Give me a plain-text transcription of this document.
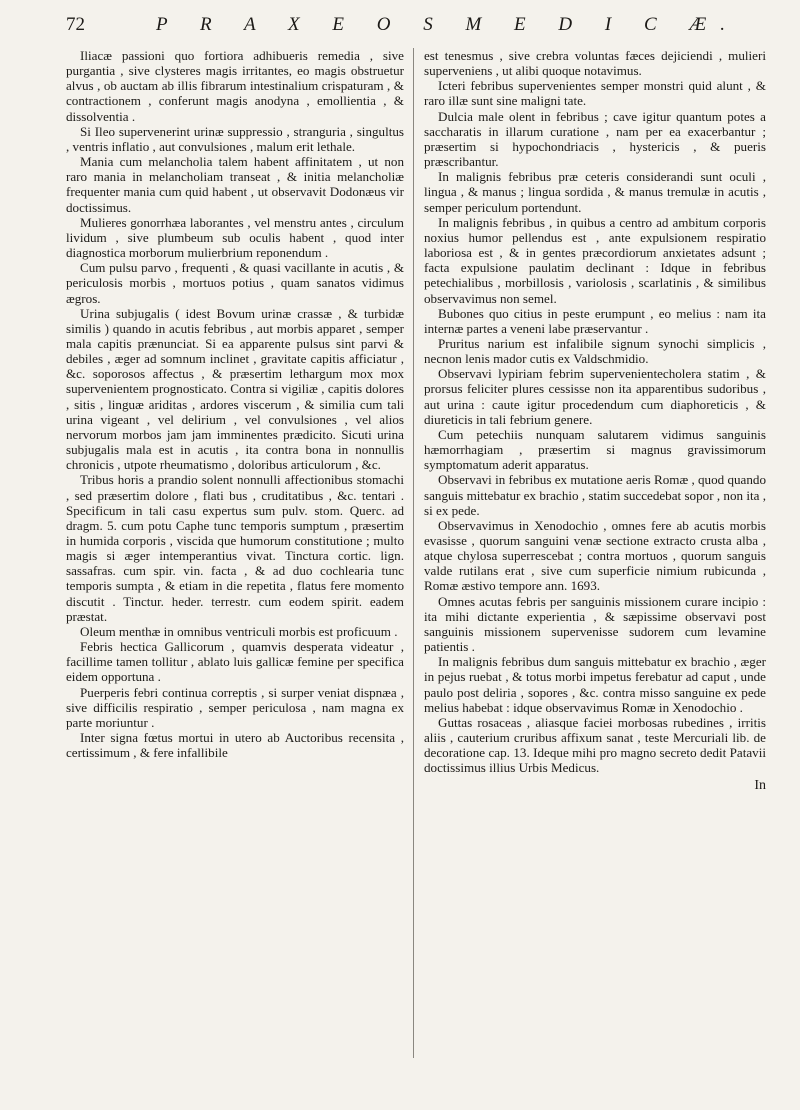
72	P R A X E O S M E D I C Æ.

Iliacæ passioni quo fortiora adhibueris remedia , sive purgantia , sive clysteres magis irritantes, eo magis obstruetur alvus , ob auctam ab illis fibrarum intestinalium crispaturam , & contractionem , conferunt magis anodyna , emollientia , & dissolventia .

Si Ileo supervenerint urinæ suppressio , stranguria , singultus , ventris inflatio , aut convulsiones , malum erit lethale.

Mania cum melancholia talem habent affinitatem , ut non raro mania in melancholiam transeat , & initia melancholiæ frequenter mania cum quid habent , ut observavit Dodonæus vir doctissimus.

Mulieres gonorrhæa laborantes , vel menstru antes , circulum lividum , sive plumbeum sub oculis habent , quod inter diagnostica morborum mulierbrium reponendum .

Cum pulsu parvo , frequenti , & quasi vacillante in acutis , & periculosis morbis , mortuos potius , quam sanatos vidimus ægros.

Urina subjugalis ( idest Bovum urinæ crassæ , & turbidæ similis ) quando in acutis febribus , aut morbis apparet , semper mala capitis prænunciat. Si ea apparente pulsus sint parvi & debiles , æger ad somnum inclinet , gravitate capitis afficiatur , &c. soporosos affectus , & præsertim lethargum mox mox supervenientem prognosticato. Contra si vigiliæ , capitis dolores , sitis , linguæ ariditas , ardores viscerum , & similia cum tali urina vigeant , vel delirium , vel convulsiones , vel alios nervorum morbos jam jam imminentes prædicito. Sicuti urina subjugalis mala est in acutis , ita contra bona in nonnullis chronicis , utpote rheumatismo , doloribus articulorum , &c.

Tribus horis a prandio solent nonnulli affectionibus stomachi , sed præsertim dolore , flati bus , cruditatibus , &c. tentari . Specificum in tali casu expertus sum pulv. stom. Querc. ad dragm. 5. cum potu Caphe tunc temporis sumptum , præsertim in humida corporis , viscida que humorum constitutione ; multo magis si æger intemperantius vivat. Tinctura cortic. lign. sassafras. cum spir. vin. facta , & ad duo cochlearia tunc temporis sumpta , & etiam in die repetita , flatus fere momento discutit . Tinctur. heder. terrestr. cum eodem spirit. eadem præstat.

Oleum menthæ in omnibus ventriculi morbis est proficuum .

Febris hectica Gallicorum , quamvis desperata videatur , facillime tamen tollitur , ablato luis gallicæ femine per specifica eidem opportuna .

Puerperis febri continua correptis , si surper veniat dispnæa , sive difficilis respiratio , semper periculosa , nam magna ex parte moriuntur .

Inter signa fœtus mortui in utero ab Auctoribus recensita , certissimum , & fere infallibile

est tenesmus , sive crebra voluntas fæces dejiciendi , mulieri superveniens , ut alibi quoque notavimus.

Icteri febribus supervenientes semper monstri quid alunt , & raro illæ sunt sine maligni tate.

Dulcia male olent in febribus ; cave igitur quantum potes a saccharatis in illarum curatione , nam per ea exacerbantur ; præsertim si hypochondriacis , hystericis , & pueris præscribantur.

In malignis febribus præ ceteris considerandi sunt oculi , lingua , & manus ; lingua sordida , & manus tremulæ in acutis , semper periculum portendunt.

In malignis febribus , in quibus a centro ad ambitum corporis noxius humor pellendus est , ante expulsionem respiratio laboriosa est , & in gentes præcordiorum anxietates adsunt ; facta expulsione paulatim declinant : Idque in febribus petechialibus , morbillosis , variolosis , scarlatinis , & similibus observavimus non semel.

Bubones quo citius in peste erumpunt , eo melius : nam ita internæ partes a veneni labe præservantur .

Pruritus narium est infalibile signum synochi simplicis , necnon lenis mador cutis ex Valdschmidio.

Observavi lypiriam febrim supervenientecholera statim , & prorsus feliciter plures cessisse non ita apparentibus sudoribus , aut urina : caute igitur procedendum cum diaphoreticis , & diureticis in tali febrium genere.

Cum petechiis nunquam salutarem vidimus sanguinis hæmorrhagiam , præsertim si magnus gravissimorum symptomatum aderit apparatus.

Observavi in febribus ex mutatione aeris Romæ , quod quando sanguis mittebatur ex brachio , statim succedebat sopor , non ita , si ex pede.

Observavimus in Xenodochio , omnes fere ab acutis morbis evasisse , quorum sanguini venæ sectione extracto crusta alba , atque chylosa superrescebat ; contra mortuos , quorum sanguis valde rutilans erat , sive cum superficie nimium rubicunda , Romæ æstivo tempore ann. 1693.

Omnes acutas febris per sanguinis missionem curare incipio : ita mihi dictante experientia , & sæpissime observavi post sanguinis missionem supervenisse sudorem cum levamine patientis .

In malignis febribus dum sanguis mittebatur ex brachio , æger in pejus ruebat , & totus morbi impetus ferebatur ad caput , unde paulo post deliria , sopores , &c. contra misso sanguine ex pede melius habebat : idque observavimus Romæ in Xenodochio .

Guttas rosaceas , aliasque faciei morbosas rubedines , irritis aliis , cauterium cruribus affixum sanat , teste Mercuriali lib. de decoratione cap. 13. Ideque mihi pro magno secreto dedit Patavii doctissimus illius Urbis Medicus.

In
